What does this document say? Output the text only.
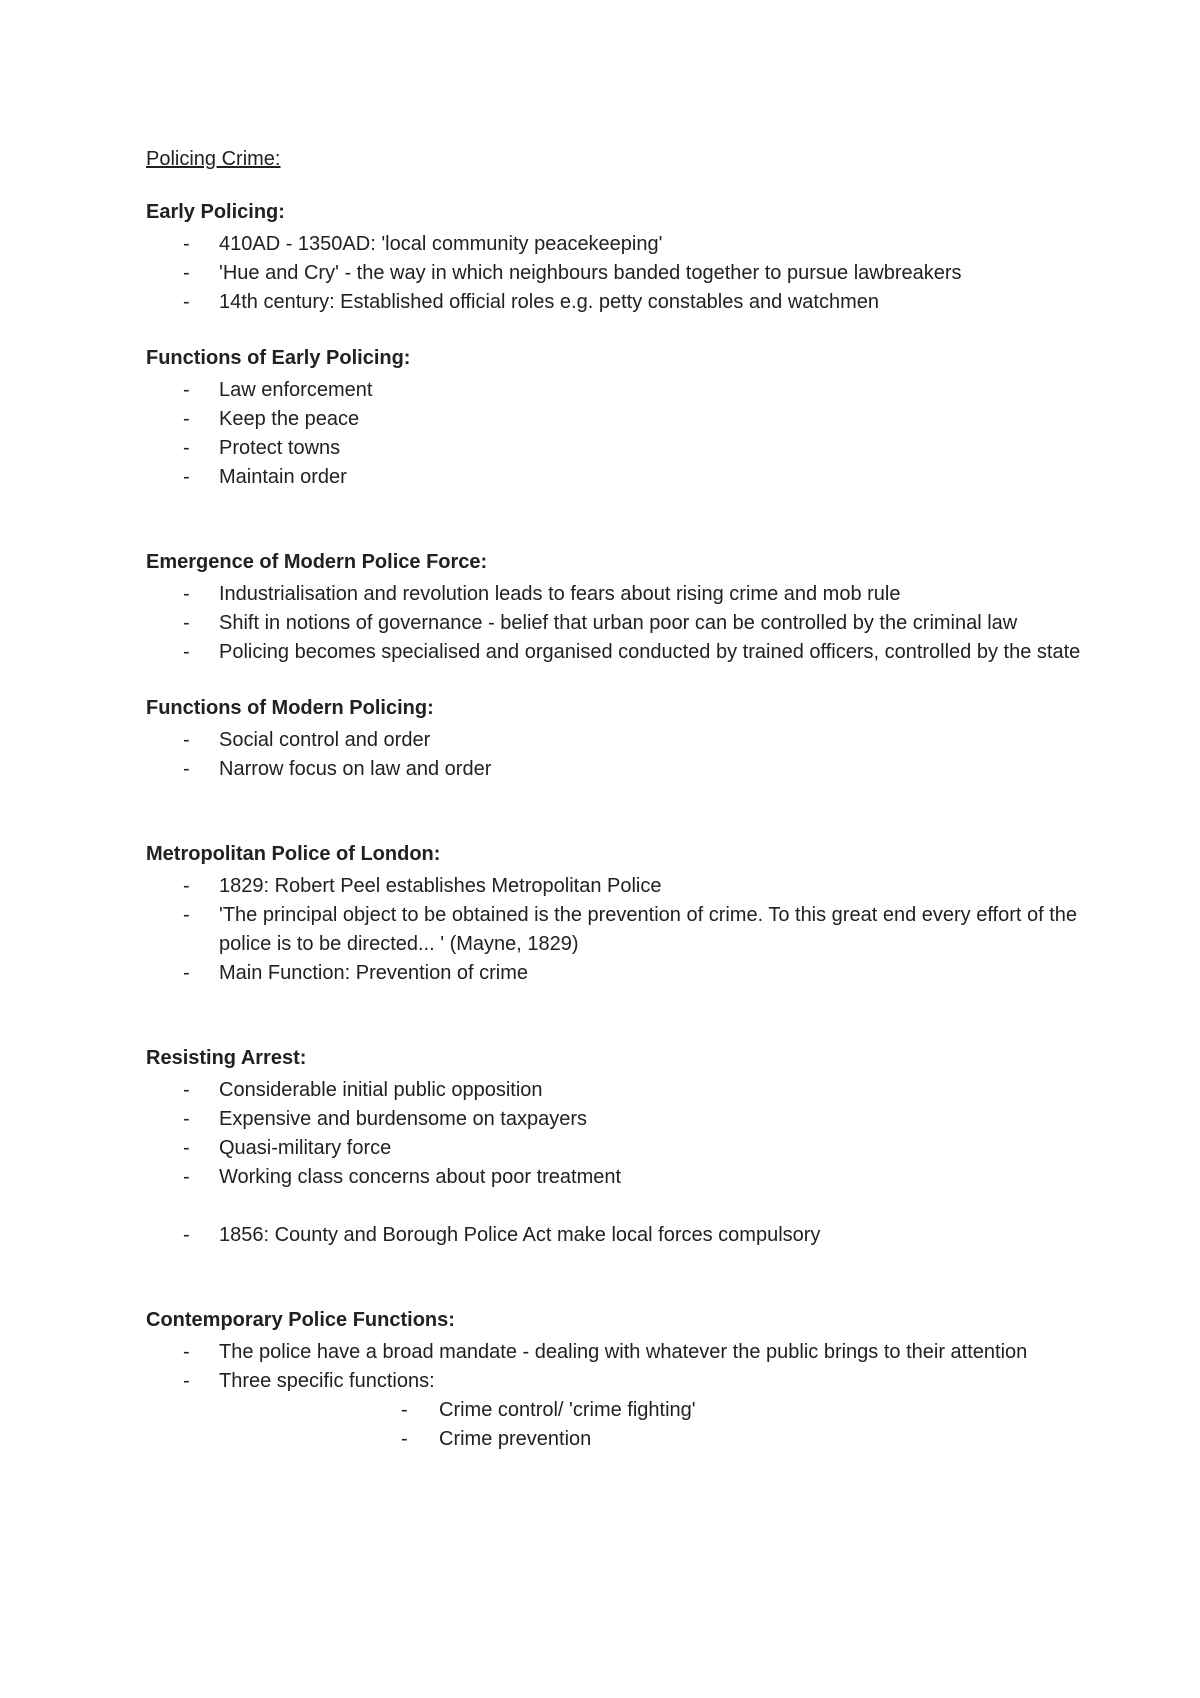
Policing Crime:
Early Policing:
- 410AD - 1350AD: 'local community peacekeeping'
- 'Hue and Cry' - the way in which neighbours banded together to pursue lawbreakers
- 14th century: Established official roles e.g. petty constables and watchmen
Functions of Early Policing:
- Law enforcement
- Keep the peace
- Protect towns
- Maintain order
Emergence of Modern Police Force:
- Industrialisation and revolution leads to fears about rising crime and mob rule
- Shift in notions of governance - belief that urban poor can be controlled by the criminal law
- Policing becomes specialised and organised conducted by trained officers, controlled by the state
Functions of Modern Policing:
- Social control and order
- Narrow focus on law and order
Metropolitan Police of London:
- 1829: Robert Peel establishes Metropolitan Police
- 'The principal object to be obtained is the prevention of crime. To this great end every effort of the police is to be directed... ' (Mayne, 1829)
- Main Function: Prevention of crime
Resisting Arrest:
- Considerable initial public opposition
- Expensive and burdensome on taxpayers
- Quasi-military force
- Working class concerns about poor treatment
- 1856: County and Borough Police Act make local forces compulsory
Contemporary Police Functions:
- The police have a broad mandate - dealing with whatever the public brings to their attention
- Three specific functions:
- Crime control/ 'crime fighting'
- Crime prevention
